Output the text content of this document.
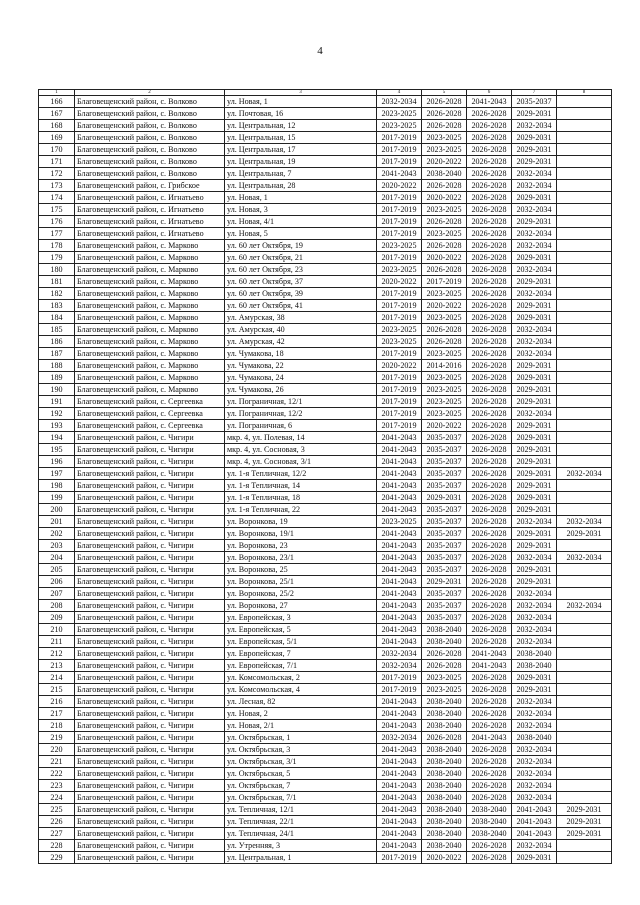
4
1	2	3	4	5	6	7	8
166	Благовещенский район, с. Волково	ул. Новая, 1	2032-2034	2026-2028	2041-2043	2035-2037	
167	Благовещенский район, с. Волково	ул. Почтовая, 16	2023-2025	2026-2028	2026-2028	2029-2031	
168	Благовещенский район, с. Волково	ул. Центральная, 12	2023-2025	2026-2028	2026-2028	2032-2034	
169	Благовещенский район, с. Волково	ул. Центральная, 15	2017-2019	2023-2025	2026-2028	2029-2031	
170	Благовещенский район, с. Волково	ул. Центральная, 17	2017-2019	2023-2025	2026-2028	2029-2031	
171	Благовещенский район, с. Волково	ул. Центральная, 19	2017-2019	2020-2022	2026-2028	2029-2031	
172	Благовещенский район, с. Волково	ул. Центральная, 7	2041-2043	2038-2040	2026-2028	2032-2034	
173	Благовещенский район, с. Грибское	ул. Центральная, 28	2020-2022	2026-2028	2026-2028	2032-2034	
174	Благовещенский район, с. Игнатьево	ул. Новая, 1	2017-2019	2020-2022	2026-2028	2029-2031	
175	Благовещенский район, с. Игнатьево	ул. Новая, 3	2017-2019	2023-2025	2026-2028	2032-2034	
176	Благовещенский район, с. Игнатьево	ул. Новая, 4/1	2017-2019	2026-2028	2026-2028	2029-2031	
177	Благовещенский район, с. Игнатьево	ул. Новая, 5	2017-2019	2023-2025	2026-2028	2032-2034	
178	Благовещенский район, с. Марково	ул. 60 лет Октября, 19	2023-2025	2026-2028	2026-2028	2032-2034	
179	Благовещенский район, с. Марково	ул. 60 лет Октября, 21	2017-2019	2020-2022	2026-2028	2029-2031	
180	Благовещенский район, с. Марково	ул. 60 лет Октября, 23	2023-2025	2026-2028	2026-2028	2032-2034	
181	Благовещенский район, с. Марково	ул. 60 лет Октября, 37	2020-2022	2017-2019	2026-2028	2029-2031	
182	Благовещенский район, с. Марково	ул. 60 лет Октября, 39	2017-2019	2023-2025	2026-2028	2032-2034	
183	Благовещенский район, с. Марково	ул. 60 лет Октября, 41	2017-2019	2020-2022	2026-2028	2029-2031	
184	Благовещенский район, с. Марково	ул. Амурская, 38	2017-2019	2023-2025	2026-2028	2029-2031	
185	Благовещенский район, с. Марково	ул. Амурская, 40	2023-2025	2026-2028	2026-2028	2032-2034	
186	Благовещенский район, с. Марково	ул. Амурская, 42	2023-2025	2026-2028	2026-2028	2032-2034	
187	Благовещенский район, с. Марково	ул. Чумакова, 18	2017-2019	2023-2025	2026-2028	2032-2034	
188	Благовещенский район, с. Марково	ул. Чумакова, 22	2020-2022	2014-2016	2026-2028	2029-2031	
189	Благовещенский район, с. Марково	ул. Чумакова, 24	2017-2019	2023-2025	2026-2028	2029-2031	
190	Благовещенский район, с. Марково	ул. Чумакова, 26	2017-2019	2023-2025	2026-2028	2029-2031	
191	Благовещенский район, с. Сергеевка	ул. Пограничная, 12/1	2017-2019	2023-2025	2026-2028	2029-2031	
192	Благовещенский район, с. Сергеевка	ул. Пограничная, 12/2	2017-2019	2023-2025	2026-2028	2032-2034	
193	Благовещенский район, с. Сергеевка	ул. Пограничная, 6	2017-2019	2020-2022	2026-2028	2029-2031	
194	Благовещенский район, с. Чигири	мкр. 4, ул. Полевая, 14	2041-2043	2035-2037	2026-2028	2029-2031	
195	Благовещенский район, с. Чигири	мкр. 4, ул. Сосновая, 3	2041-2043	2035-2037	2026-2028	2029-2031	
196	Благовещенский район, с. Чигири	мкр. 4, ул. Сосновая, 3/1	2041-2043	2035-2037	2026-2028	2029-2031	
197	Благовещенский район, с. Чигири	ул. 1-я Тепличная, 12/2	2041-2043	2035-2037	2026-2028	2029-2031	2032-2034
198	Благовещенский район, с. Чигири	ул. 1-я Тепличная, 14	2041-2043	2035-2037	2026-2028	2029-2031	
199	Благовещенский район, с. Чигири	ул. 1-я Тепличная, 18	2041-2043	2029-2031	2026-2028	2029-2031	
200	Благовещенский район, с. Чигири	ул. 1-я Тепличная, 22	2041-2043	2035-2037	2026-2028	2029-2031	
201	Благовещенский район, с. Чигири	ул. Воронкова, 19	2023-2025	2035-2037	2026-2028	2032-2034	2032-2034
202	Благовещенский район, с. Чигири	ул. Воронкова, 19/1	2041-2043	2035-2037	2026-2028	2029-2031	2029-2031
203	Благовещенский район, с. Чигири	ул. Воронкова, 23	2041-2043	2035-2037	2026-2028	2029-2031	
204	Благовещенский район, с. Чигири	ул. Воронкова, 23/1	2041-2043	2035-2037	2026-2028	2032-2034	2032-2034
205	Благовещенский район, с. Чигири	ул. Воронкова, 25	2041-2043	2035-2037	2026-2028	2029-2031	
206	Благовещенский район, с. Чигири	ул. Воронкова, 25/1	2041-2043	2029-2031	2026-2028	2029-2031	
207	Благовещенский район, с. Чигири	ул. Воронкова, 25/2	2041-2043	2035-2037	2026-2028	2032-2034	
208	Благовещенский район, с. Чигири	ул. Воронкова, 27	2041-2043	2035-2037	2026-2028	2032-2034	2032-2034
209	Благовещенский район, с. Чигири	ул. Европейская, 3	2041-2043	2035-2037	2026-2028	2032-2034	
210	Благовещенский район, с. Чигири	ул. Европейская, 5	2041-2043	2038-2040	2026-2028	2032-2034	
211	Благовещенский район, с. Чигири	ул. Европейская, 5/1	2041-2043	2038-2040	2026-2028	2032-2034	
212	Благовещенский район, с. Чигири	ул. Европейская, 7	2032-2034	2026-2028	2041-2043	2038-2040	
213	Благовещенский район, с. Чигири	ул. Европейская, 7/1	2032-2034	2026-2028	2041-2043	2038-2040	
214	Благовещенский район, с. Чигири	ул. Комсомольская, 2	2017-2019	2023-2025	2026-2028	2029-2031	
215	Благовещенский район, с. Чигири	ул. Комсомольская, 4	2017-2019	2023-2025	2026-2028	2029-2031	
216	Благовещенский район, с. Чигири	ул. Лесная, 82	2041-2043	2038-2040	2026-2028	2032-2034	
217	Благовещенский район, с. Чигири	ул. Новая, 2	2041-2043	2038-2040	2026-2028	2032-2034	
218	Благовещенский район, с. Чигири	ул. Новая, 2/1	2041-2043	2038-2040	2026-2028	2032-2034	
219	Благовещенский район, с. Чигири	ул. Октябрьская, 1	2032-2034	2026-2028	2041-2043	2038-2040	
220	Благовещенский район, с. Чигири	ул. Октябрьская, 3	2041-2043	2038-2040	2026-2028	2032-2034	
221	Благовещенский район, с. Чигири	ул. Октябрьская, 3/1	2041-2043	2038-2040	2026-2028	2032-2034	
222	Благовещенский район, с. Чигири	ул. Октябрьская, 5	2041-2043	2038-2040	2026-2028	2032-2034	
223	Благовещенский район, с. Чигири	ул. Октябрьская, 7	2041-2043	2038-2040	2026-2028	2032-2034	
224	Благовещенский район, с. Чигири	ул. Октябрьская, 7/1	2041-2043	2038-2040	2026-2028	2032-2034	
225	Благовещенский район, с. Чигири	ул. Тепличная, 12/1	2041-2043	2038-2040	2038-2040	2041-2043	2029-2031
226	Благовещенский район, с. Чигири	ул. Тепличная, 22/1	2041-2043	2038-2040	2038-2040	2041-2043	2029-2031
227	Благовещенский район, с. Чигири	ул. Тепличная, 24/1	2041-2043	2038-2040	2038-2040	2041-2043	2029-2031
228	Благовещенский район, с. Чигири	ул. Утренняя, 3	2041-2043	2038-2040	2026-2028	2032-2034	
229	Благовещенский район, с. Чигири	ул. Центральная, 1	2017-2019	2020-2022	2026-2028	2029-2031	
